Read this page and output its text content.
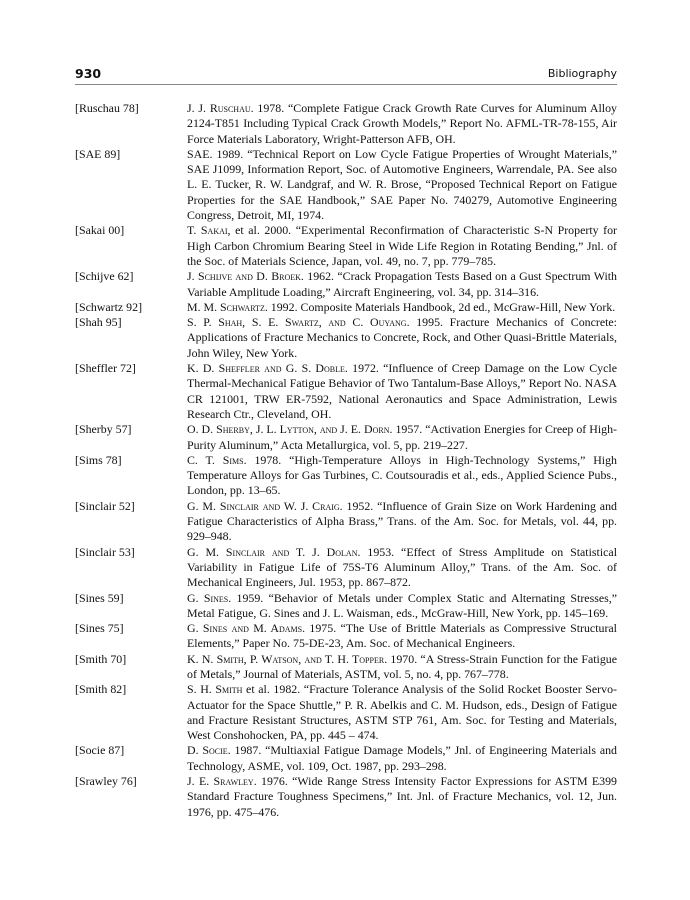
930	Bibliography
[Ruschau 78]	J. J. Ruschau. 1978. “Complete Fatigue Crack Growth Rate Curves for Aluminum Alloy 2124-T851 Including Typical Crack Growth Models,” Report No. AFML-TR-78-155, Air Force Materials Laboratory, Wright-Patterson AFB, OH.
[SAE 89]	SAE. 1989. “Technical Report on Low Cycle Fatigue Properties of Wrought Materials,” SAE J1099, Information Report, Soc. of Automotive Engineers, Warrendale, PA. See also L. E. Tucker, R. W. Landgraf, and W. R. Brose, “Proposed Technical Report on Fatigue Properties for the SAE Handbook,” SAE Paper No. 740279, Automotive Engineering Congress, Detroit, MI, 1974.
[Sakai 00]	T. Sakai, et al. 2000. “Experimental Reconfirmation of Characteristic S-N Property for High Carbon Chromium Bearing Steel in Wide Life Region in Rotating Bending,” Jnl. of the Soc. of Materials Science, Japan, vol. 49, no. 7, pp. 779–785.
[Schijve 62]	J. Schijve and D. Broek. 1962. “Crack Propagation Tests Based on a Gust Spectrum With Variable Amplitude Loading,” Aircraft Engineering, vol. 34, pp. 314–316.
[Schwartz 92]	M. M. Schwartz. 1992. Composite Materials Handbook, 2d ed., McGraw-Hill, New York.
[Shah 95]	S. P. Shah, S. E. Swartz, and C. Ouyang. 1995. Fracture Mechanics of Concrete: Applications of Fracture Mechanics to Concrete, Rock, and Other Quasi-Brittle Materials, John Wiley, New York.
[Sheffler 72]	K. D. Sheffler and G. S. Doble. 1972. “Influence of Creep Damage on the Low Cycle Thermal-Mechanical Fatigue Behavior of Two Tantalum-Base Alloys,” Report No. NASA CR 121001, TRW ER-7592, National Aeronautics and Space Administration, Lewis Research Ctr., Cleveland, OH.
[Sherby 57]	O. D. Sherby, J. L. Lytton, and J. E. Dorn. 1957. “Activation Energies for Creep of High-Purity Aluminum,” Acta Metallurgica, vol. 5, pp. 219–227.
[Sims 78]	C. T. Sims. 1978. “High-Temperature Alloys in High-Technology Systems,” High Temperature Alloys for Gas Turbines, C. Coutsouradis et al., eds., Applied Science Pubs., London, pp. 13–65.
[Sinclair 52]	G. M. Sinclair and W. J. Craig. 1952. “Influence of Grain Size on Work Hardening and Fatigue Characteristics of Alpha Brass,” Trans. of the Am. Soc. for Metals, vol. 44, pp. 929–948.
[Sinclair 53]	G. M. Sinclair and T. J. Dolan. 1953. “Effect of Stress Amplitude on Statistical Variability in Fatigue Life of 75S-T6 Aluminum Alloy,” Trans. of the Am. Soc. of Mechanical Engineers, Jul. 1953, pp. 867–872.
[Sines 59]	G. Sines. 1959. “Behavior of Metals under Complex Static and Alternating Stresses,” Metal Fatigue, G. Sines and J. L. Waisman, eds., McGraw-Hill, New York, pp. 145–169.
[Sines 75]	G. Sines and M. Adams. 1975. “The Use of Brittle Materials as Compressive Structural Elements,” Paper No. 75-DE-23, Am. Soc. of Mechanical Engineers.
[Smith 70]	K. N. Smith, P. Watson, and T. H. Topper. 1970. “A Stress-Strain Function for the Fatigue of Metals,” Journal of Materials, ASTM, vol. 5, no. 4, pp. 767–778.
[Smith 82]	S. H. Smith et al. 1982. “Fracture Tolerance Analysis of the Solid Rocket Booster Servo-Actuator for the Space Shuttle,” P. R. Abelkis and C. M. Hudson, eds., Design of Fatigue and Fracture Resistant Structures, ASTM STP 761, Am. Soc. for Testing and Materials, West Conshohocken, PA, pp. 445 – 474.
[Socie 87]	D. Socie. 1987. “Multiaxial Fatigue Damage Models,” Jnl. of Engineering Materials and Technology, ASME, vol. 109, Oct. 1987, pp. 293–298.
[Srawley 76]	J. E. Srawley. 1976. “Wide Range Stress Intensity Factor Expressions for ASTM E399 Standard Fracture Toughness Specimens,” Int. Jnl. of Fracture Mechanics, vol. 12, Jun. 1976, pp. 475–476.
